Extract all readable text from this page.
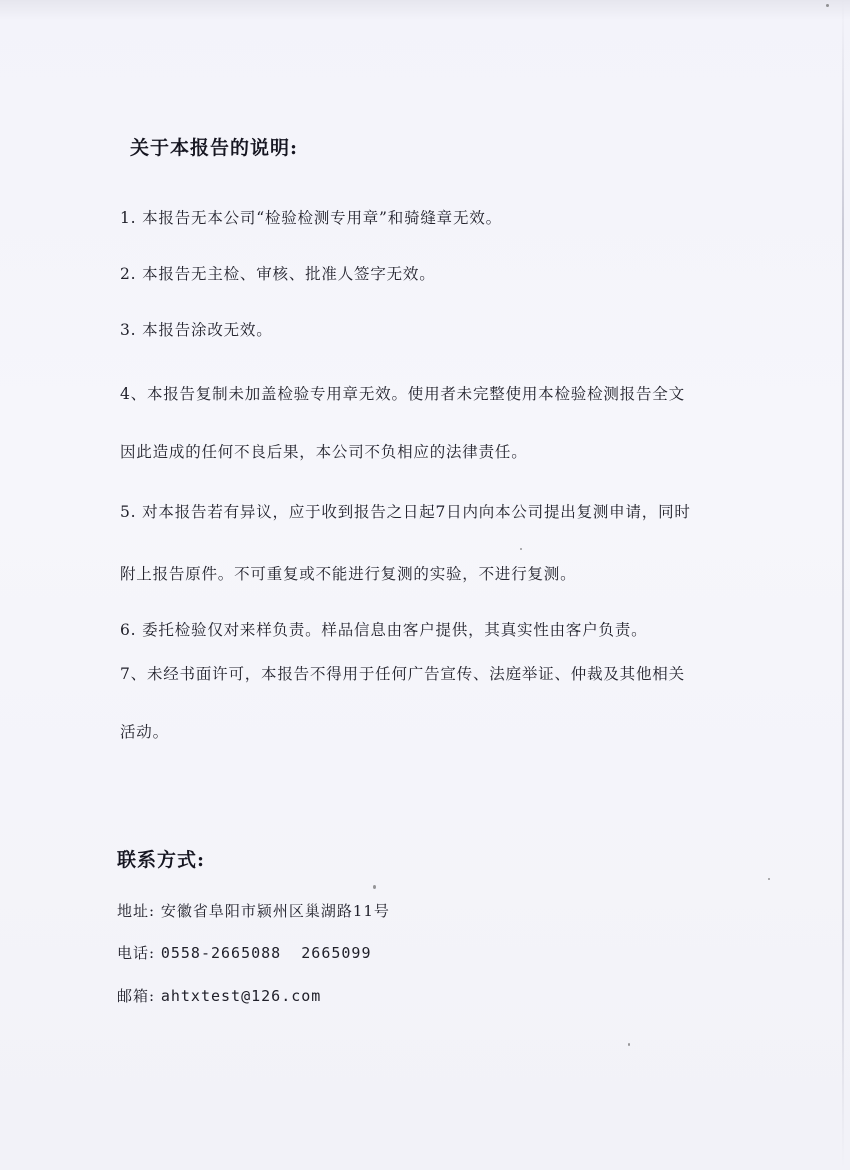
关于本报告的说明:
1. 本报告无本公司“检验检测专用章”和骑缝章无效。
2. 本报告无主检、审核、批准人签字无效。
3. 本报告涂改无效。
4、本报告复制未加盖检验专用章无效。使用者未完整使用本检验检测报告全文
因此造成的任何不良后果，本公司不负相应的法律责任。
5. 对本报告若有异议，应于收到报告之日起7日内向本公司提出复测申请，同时
附上报告原件。不可重复或不能进行复测的实验，不进行复测。
6. 委托检验仅对来样负责。样品信息由客户提供，其真实性由客户负责。
7、未经书面许可，本报告不得用于任何广告宣传、法庭举证、仲裁及其他相关
活动。
联系方式:
地址: 安徽省阜阳市颍州区巢湖路11号
电话: 0558-2665088  2665099
邮箱: ahtxtest@126.com
